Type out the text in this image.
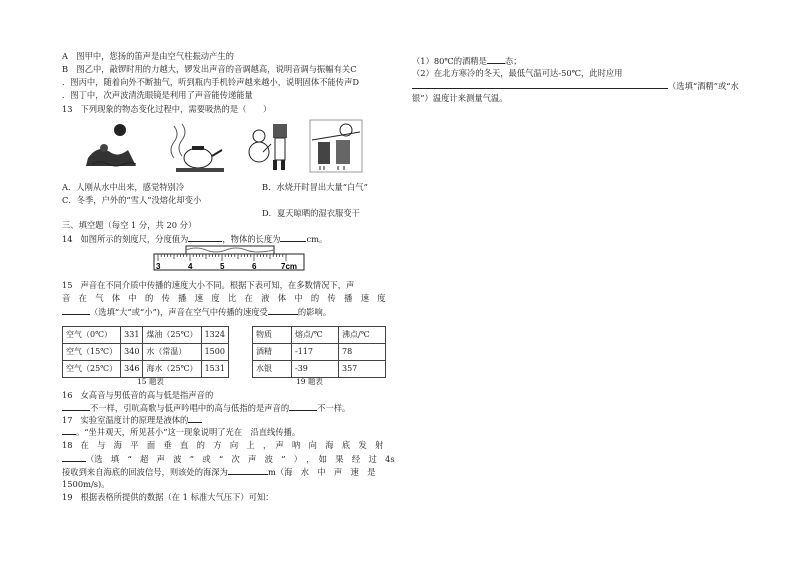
A　图甲中，您扬的笛声是由空气柱振动产生的
B　图乙中，敲锣时用的力越大，锣发出声音的音调越高，说明音调与振幅有关C
．图丙中，随着向外不断抽气，听到瓶内手机铃声越来越小，说明固体不能传声D
．图丁中，次声波清洗眼镜是利用了声音能传递能量
13 下列现象的物态变化过程中，需要吸热的是（　　）
A．人刚从水中出来，感觉特别冷	B．水烧开时冒出大量“白气”
C．冬季，户外的“雪人”没熔化却变小
D．夏天晾晒的湿衣服变干
三、填空题（每空 1 分，共 20 分）
14 如图所示的刻度尺，分度值为	，物体的长度为	cm。
3	4	5	6	7cm
15 声音在不同介质中传播的速度大小不同。根据下表可知，在多数情况下，声
音　在　气　体　中　的　传　播　速　度　比　在　液　体　中　的　传　播　速　度
（选填“大”或“小”)，声音在空气中传播的速度受	的影响。
空气（0℃）	331	煤油（25℃）	1324
空气（15℃）	340	水（常温）	1500
空气（25℃）	346	海水（25℃）	1531
15 题表
物质	熔点/℃	沸点/℃
酒精	-117	78
水银	-39	357
19 题表
16 女高音与男低音的高与低是指声音的
不一样，引吭高歌与低声吟唱中的高与低指的是声音的	不一样。
17 实验室温度计的原理是液体的
。“坐井观天，所见甚小”这一现象说明了光在　沿直线传播。
18 在　与　海　平　面　垂　直　的　方　向　上　，　声　呐　向　海　底　发　射
（选　填　“　超　声　波　”　或　“　次　声　波　”　）　，　如　果　经　过　4s
接收到来自海底的回波信号，则该处的海深为	m（海　水　中　声　速　是
1500m/s)。
19 根据表格所提供的数据（在 1 标准大气压下）可知：
（1）80℃的酒精是 态；
（2）在北方寒冷的冬天，最低气温可达-50℃，此时应用
（选填“酒精”或“水
银”）温度计来测量气温。
